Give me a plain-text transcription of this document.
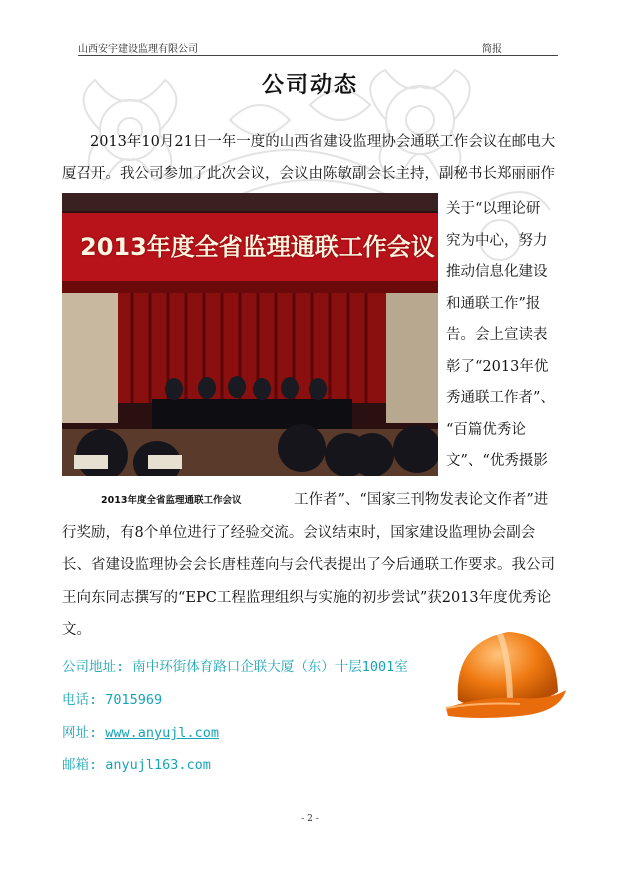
山西安宇建设监理有限公司	简报
公司动态
2013年10月21日一年一度的山西省建设监理协会通联工作会议在邮电大厦召开。我公司参加了此次会议，会议由陈敏副会长主持，副秘书长郑丽丽作
2013年度全省监理通联工作会议
关于“以理论研
究为中心，努力
推动信息化建设
和通联工作”报
告。会上宣读表
彰了“2013年优
秀通联工作者”、
“百篇优秀论
文”、“优秀摄影
2013年度全省监理通联工作会议	工作者”、“国家三刊物发表论文作者”进
行奖励，有8个单位进行了经验交流。会议结束时，国家建设监理协会副会长、省建设监理协会会长唐桂莲向与会代表提出了今后通联工作要求。我公司王向东同志撰写的“EPC工程监理组织与实施的初步尝试”获2013年度优秀论文。
公司地址: 南中环街体育路口企联大厦（东）十层1001室
电话: 7015969
网址: www.anyujl.com
邮箱: anyujl163.com
- 2 -
